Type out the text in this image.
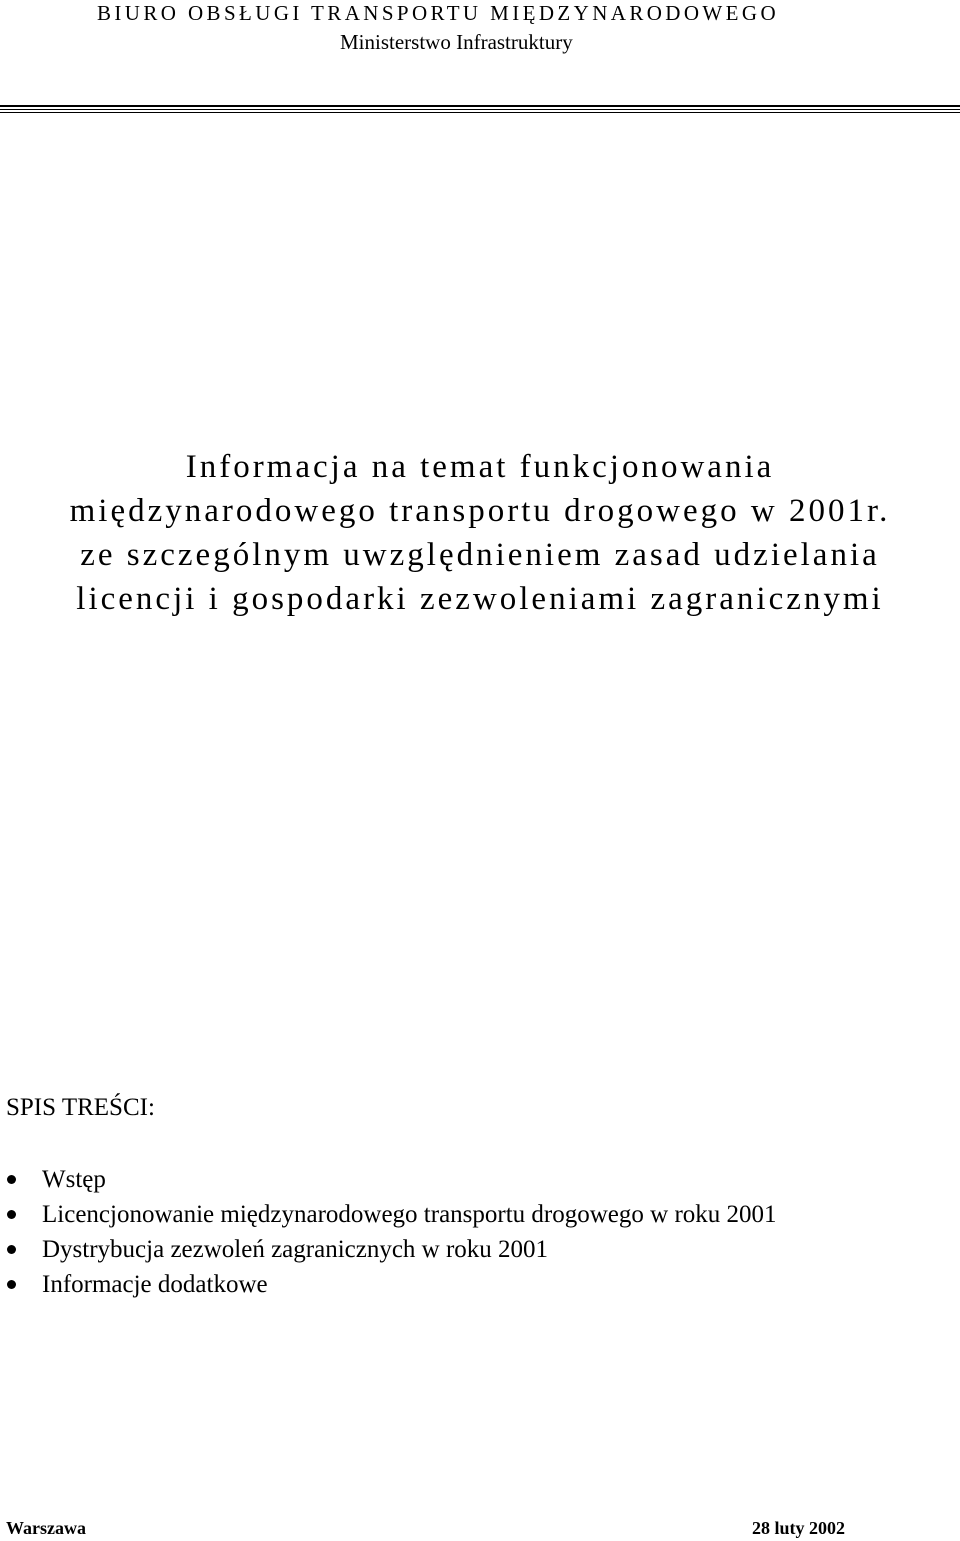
BIURO OBSŁUGI TRANSPORTU MIĘDZYNARODOWEGO
Ministerstwo Infrastruktury
Informacja na temat funkcjonowania
międzynarodowego transportu drogowego w 2001r.
ze szczególnym uwzględnieniem zasad udzielania
licencji i gospodarki zezwoleniami zagranicznymi
SPIS TREŚCI:
Wstęp
Licencjonowanie międzynarodowego transportu drogowego w roku 2001
Dystrybucja zezwoleń zagranicznych w roku 2001
Informacje dodatkowe
Warszawa	28 luty 2002
